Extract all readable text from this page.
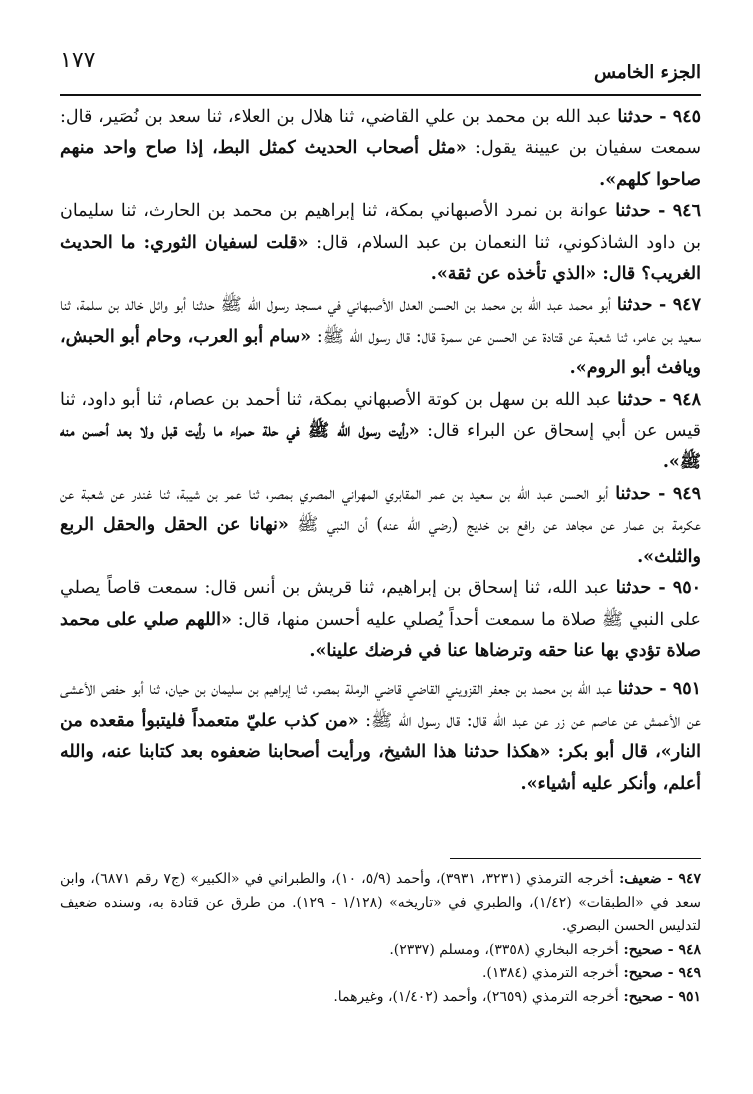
١٧٧	الجزء الخامس

٩٤٥ - حدثنا عبد الله بن محمد بن علي القاضي، ثنا هلال بن العلاء، ثنا سعد بن نُصَير، قال: سمعت سفيان بن عيينة يقول: «مثل أصحاب الحديث كمثل البط، إذا صاح واحد منهم صاحوا كلهم».

٩٤٦ - حدثنا عوانة بن نمرد الأصبهاني بمكة، ثنا إبراهيم بن محمد بن الحارث، ثنا سليمان بن داود الشاذكوني، ثنا النعمان بن عبد السلام، قال: «قلت لسفيان الثوري: ما الحديث الغريب؟ قال: «الذي تأخذه عن ثقة».

٩٤٧ - حدثنا أبو محمد عبد الله بن محمد بن الحسن العدل الأصبهاني في مسجد رسول الله ﷺ حدثنا أبو وائل خالد بن سلمة، ثنا سعيد بن عامر، ثنا شعبة عن قتادة عن الحسن عن سمرة قال: قال رسول الله ﷺ: «سام أبو العرب، وحام أبو الحبش، ويافث أبو الروم».

٩٤٨ - حدثنا عبد الله بن سهل بن كوتة الأصبهاني بمكة، ثنا أحمد بن عصام، ثنا أبو داود، ثنا قيس عن أبي إسحاق عن البراء قال: «رأيت رسول الله ﷺ في حلة حمراء ما رأيت قبل ولا بعد أحسن منه ﷺ».

٩٤٩ - حدثنا أبو الحسن عبد الله بن سعيد بن عمر المقابري المهراني المصري بمصر، ثنا عمر بن شيبة، ثنا غندر عن شعبة عن عكرمة بن عمار عن مجاهد عن رافع بن خديج (رضي الله عنه) أن النبي ﷺ «نهانا عن الحقل والحقل الربع والثلث».

٩٥٠ - حدثنا عبد الله، ثنا إسحاق بن إبراهيم، ثنا قريش بن أنس قال: سمعت قاصاً يصلي على النبي ﷺ صلاة ما سمعت أحداً يُصلي عليه أحسن منها، قال: «اللهم صلي على محمد صلاة تؤدي بها عنا حقه وترضاها عنا في فرضك علينا».

٩٥١ - حدثنا عبد الله بن محمد بن جعفر القزويني القاضي قاضي الرملة بمصر، ثنا إبراهيم بن سليمان بن حيان، ثنا أبو حفص الأعشى عن الأعمش عن عاصم عن زر عن عبد الله قال: قال رسول الله ﷺ: «من كذب عليّ متعمداً فليتبوأ مقعده من النار»، قال أبو بكر: «هكذا حدثنا هذا الشيخ، ورأيت أصحابنا ضعفوه بعد كتابنا عنه، والله أعلم، وأنكر عليه أشياء».

٩٤٧ - ضعيف: أخرجه الترمذي (٣٢٣١، ٣٩٣١)، وأحمد (٥/٩، ١٠)، والطبراني في «الكبير» (ج٧ رقم ٦٨٧١)، وابن سعد في «الطبقات» (١/٤٢)، والطبري في «تاريخه» (١/١٢٨ - ١٢٩). من طرق عن قتادة به، وسنده ضعيف لتدليس الحسن البصري.

٩٤٨ - صحيح: أخرجه البخاري (٣٣٥٨)، ومسلم (٢٣٣٧).

٩٤٩ - صحيح: أخرجه الترمذي (١٣٨٤).

٩٥١ - صحيح: أخرجه الترمذي (٢٦٥٩)، وأحمد (١/٤٠٢)، وغيرهما.
